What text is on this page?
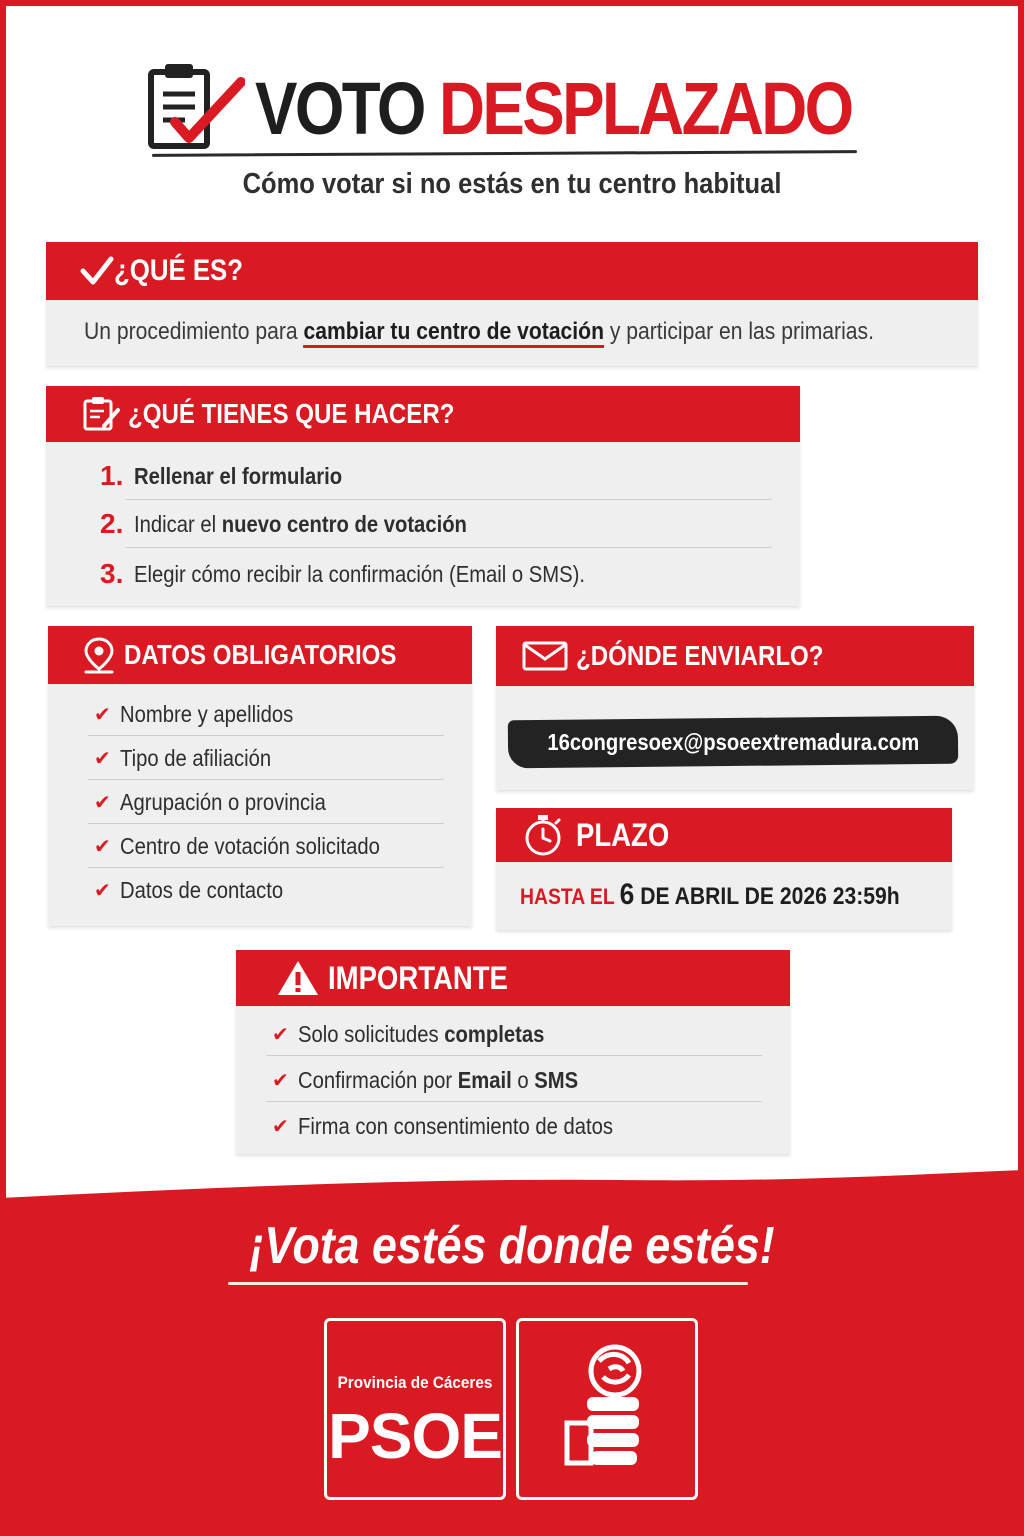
VOTO DESPLAZADO
Cómo votar si no estás en tu centro habitual
¿QUÉ ES?
Un procedimiento para cambiar tu centro de votación y participar en las primarias.
¿QUÉ TIENES QUE HACER?
1. Rellenar el formulario
2. Indicar el nuevo centro de votación
3. Elegir cómo recibir la confirmación (Email o SMS).
DATOS OBLIGATORIOS
✔ Nombre y apellidos
✔ Tipo de afiliación
✔ Agrupación o provincia
✔ Centro de votación solicitado
✔ Datos de contacto
¿DÓNDE ENVIARLO?
16congresoex@psoeextremadura.com
PLAZO
HASTA EL 6 DE ABRIL DE 2026 23:59h
IMPORTANTE
✔ Solo solicitudes completas
✔ Confirmación por Email o SMS
✔ Firma con consentimiento de datos
¡Vota estés donde estés!
Provincia de Cáceres
PSOE
